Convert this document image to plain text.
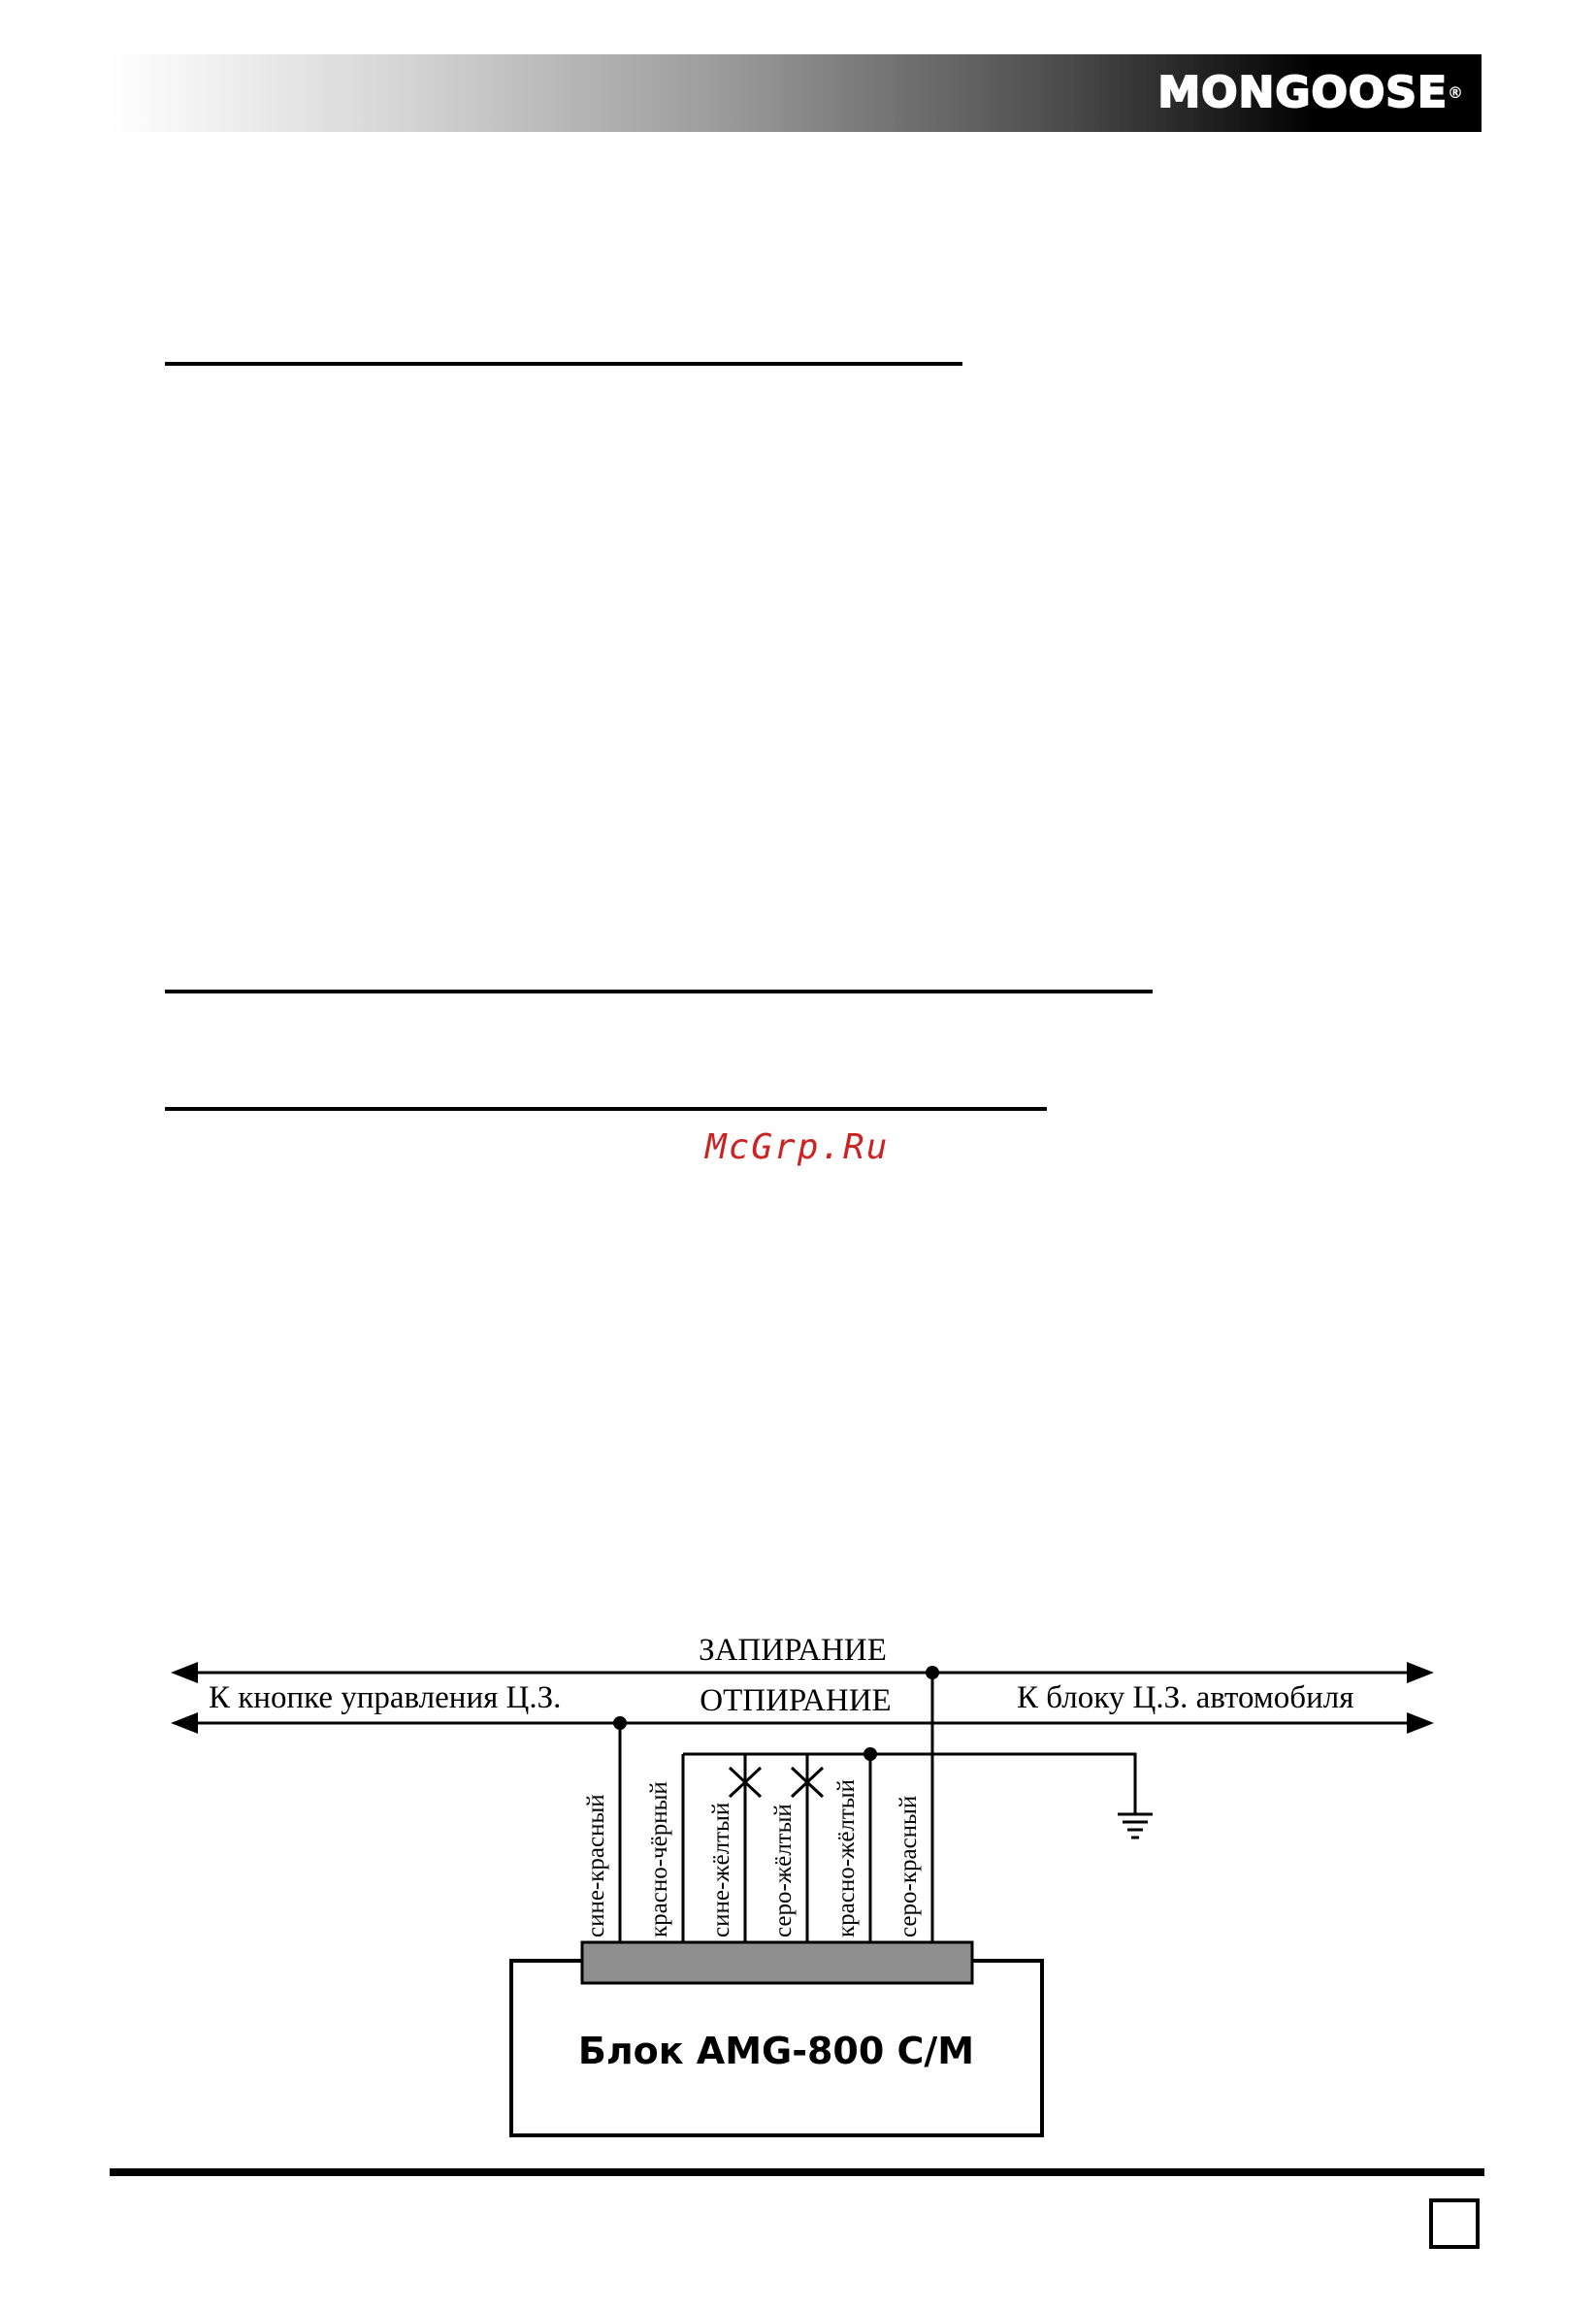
MONGOOSE®
McGrp.Ru
ЗАПИРАНИЕ
ОТПИРАНИЕ
К кнопке управления Ц.З.	К блоку Ц.З. автомобиля
сине-красный красно-чёрный сине-жёлтый серо-жёлтый красно-жёлтый серо-красный
Блок AMG-800 C/M
